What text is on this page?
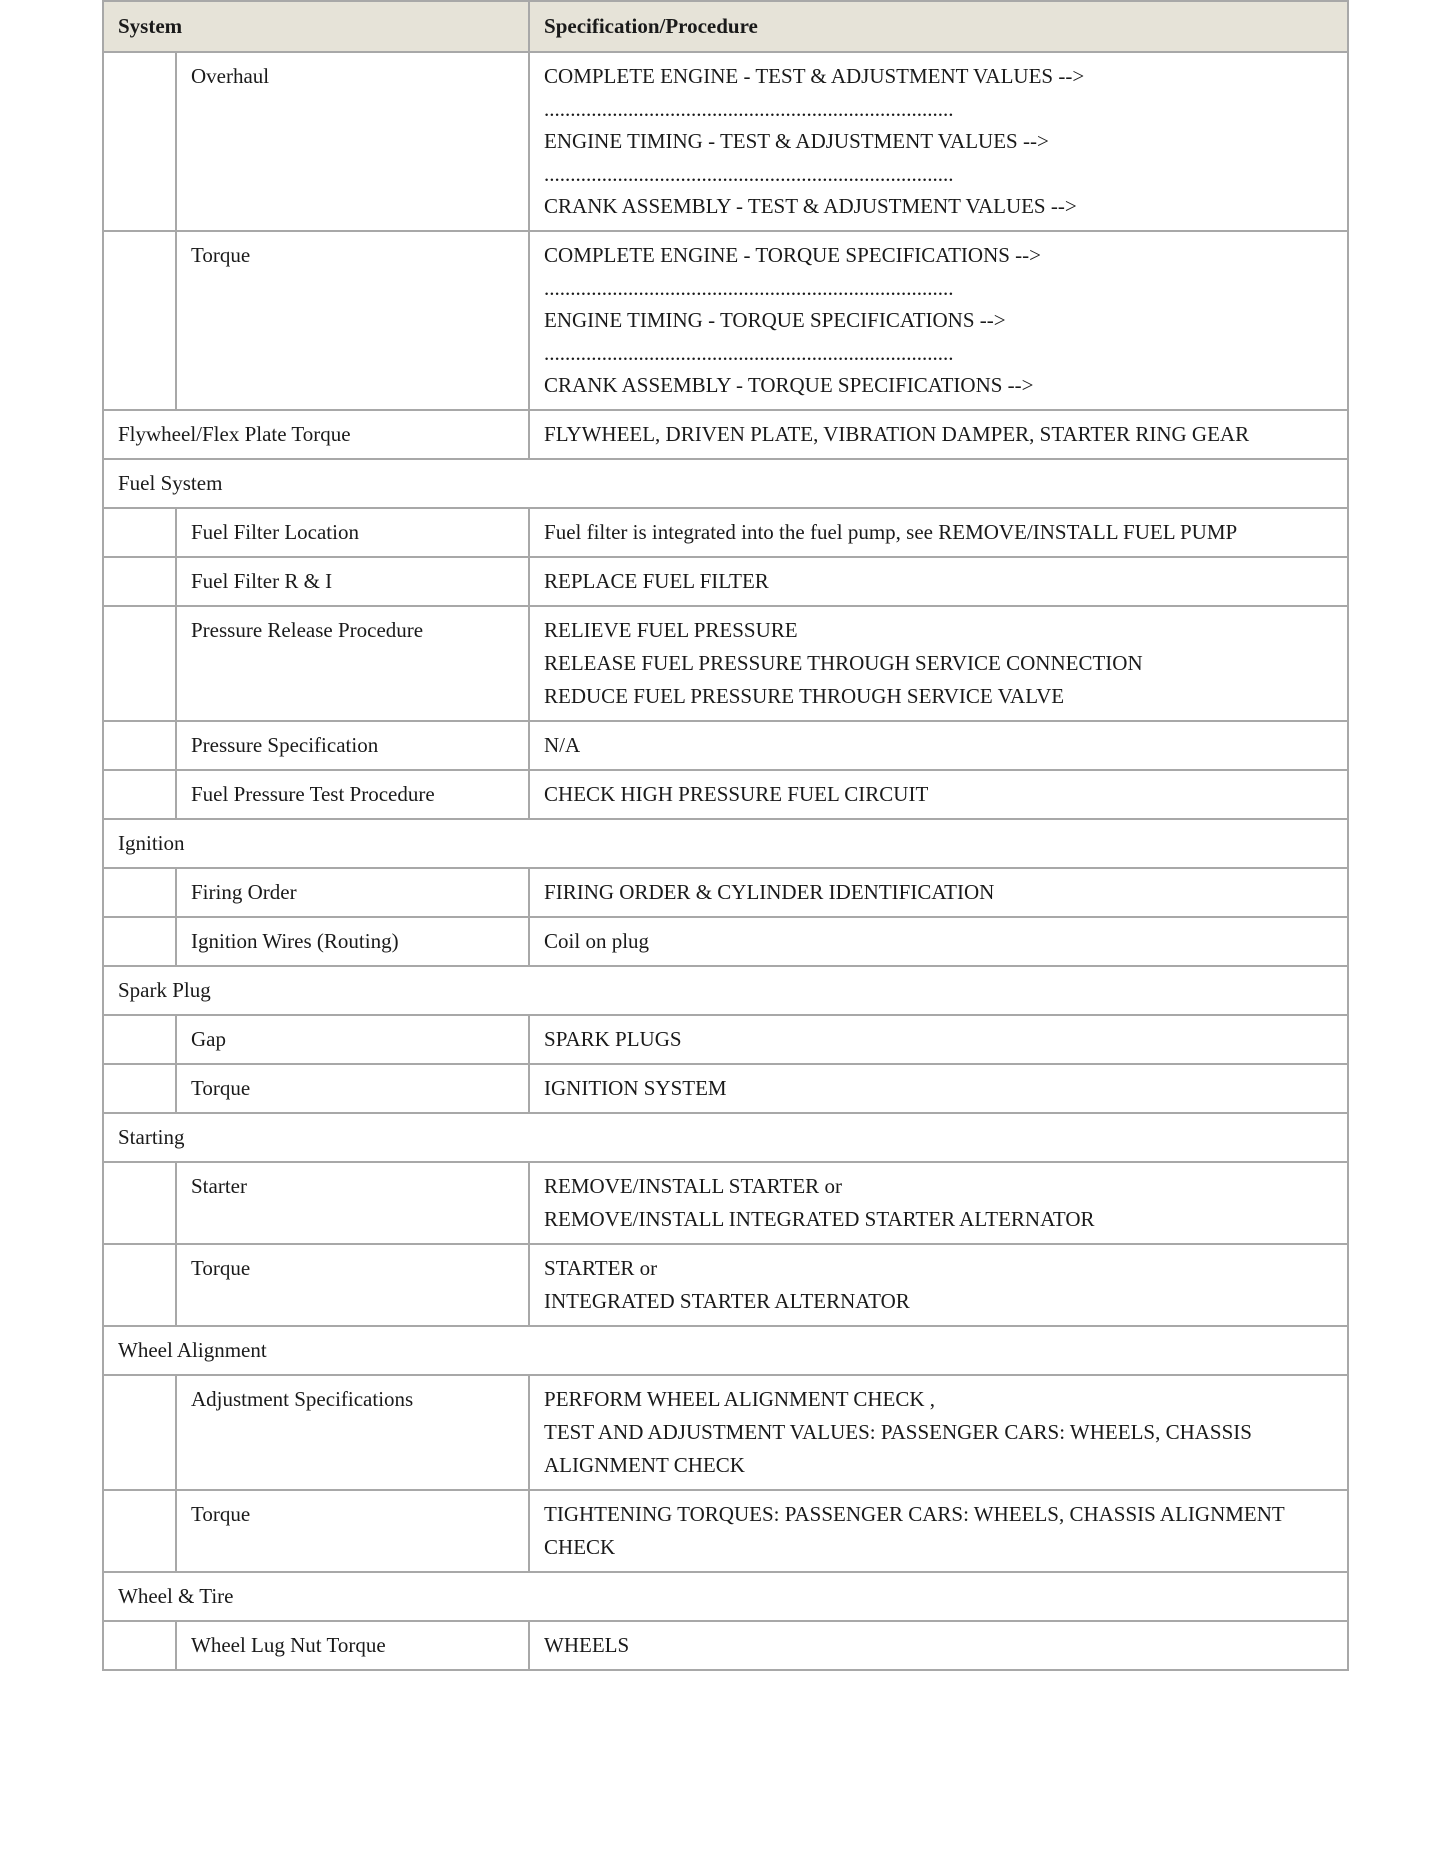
System		Specification/Procedure
	Overhaul	COMPLETE ENGINE - TEST & ADJUSTMENT VALUES -->
..............................................................................
ENGINE TIMING - TEST & ADJUSTMENT VALUES -->
..............................................................................
CRANK ASSEMBLY - TEST & ADJUSTMENT VALUES -->

	Torque	COMPLETE ENGINE - TORQUE SPECIFICATIONS -->
..............................................................................
ENGINE TIMING - TORQUE SPECIFICATIONS -->
..............................................................................
CRANK ASSEMBLY - TORQUE SPECIFICATIONS -->

Flywheel/Flex Plate Torque		FLYWHEEL, DRIVEN PLATE, VIBRATION DAMPER, STARTER RING GEAR
Fuel System		
	Fuel Filter Location	Fuel filter is integrated into the fuel pump, see REMOVE/INSTALL FUEL PUMP
	Fuel Filter R & I	REPLACE FUEL FILTER
	Pressure Release Procedure	RELIEVE FUEL PRESSURE
RELEASE FUEL PRESSURE THROUGH SERVICE CONNECTION
REDUCE FUEL PRESSURE THROUGH SERVICE VALVE

	Pressure Specification	N/A
	Fuel Pressure Test Procedure	CHECK HIGH PRESSURE FUEL CIRCUIT
Ignition		
	Firing Order	FIRING ORDER & CYLINDER IDENTIFICATION
	Ignition Wires (Routing)	Coil on plug
Spark Plug		
	Gap	SPARK PLUGS
	Torque	IGNITION SYSTEM
Starting		
	Starter	REMOVE/INSTALL STARTER or
REMOVE/INSTALL INTEGRATED STARTER ALTERNATOR

	Torque	STARTER or
INTEGRATED STARTER ALTERNATOR

Wheel Alignment		
	Adjustment Specifications	PERFORM WHEEL ALIGNMENT CHECK ,
TEST AND ADJUSTMENT VALUES: PASSENGER CARS: WHEELS, CHASSIS ALIGNMENT CHECK

	Torque	TIGHTENING TORQUES: PASSENGER CARS: WHEELS, CHASSIS ALIGNMENT CHECK
Wheel & Tire		
	Wheel Lug Nut Torque	WHEELS
